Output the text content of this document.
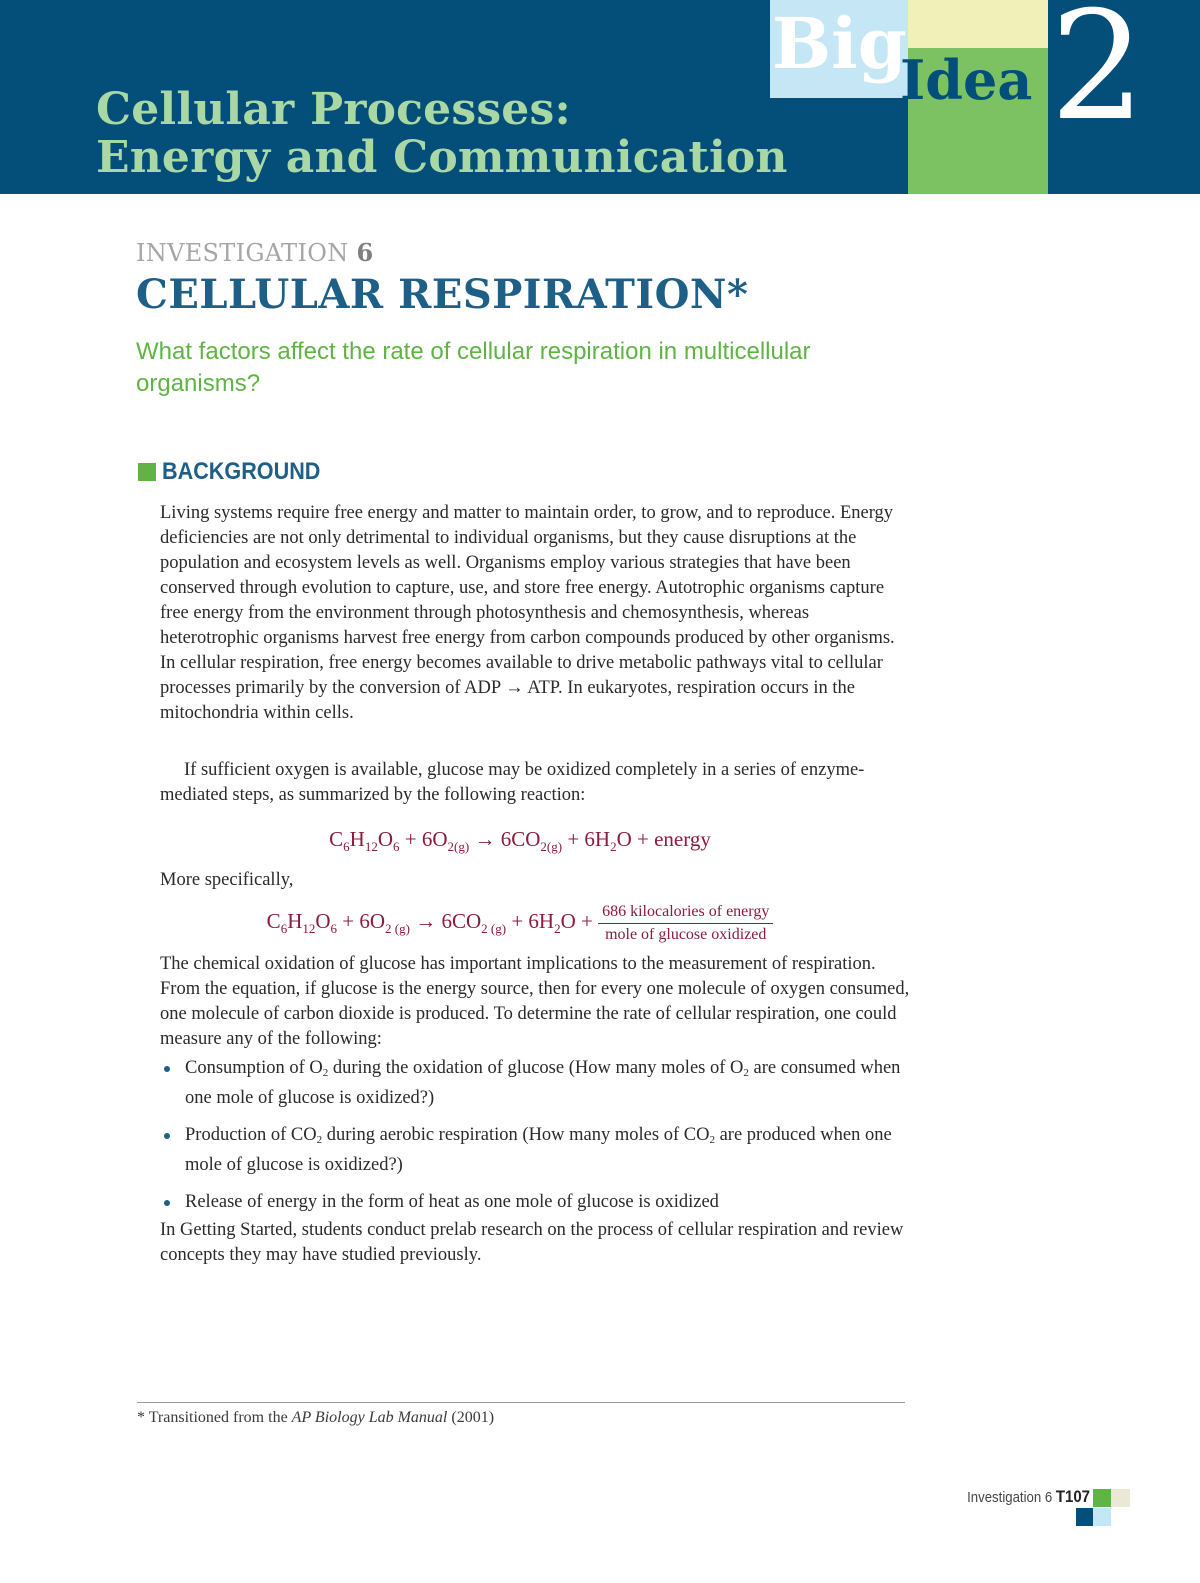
Cellular Processes:
Energy and Communication
Big
Idea 2
INVESTIGATION 6
CELLULAR RESPIRATION*
What factors affect the rate of cellular respiration in multicellular organisms?
BACKGROUND

Living systems require free energy and matter to maintain order, to grow, and to reproduce. Energy deficiencies are not only detrimental to individual organisms, but they cause disruptions at the population and ecosystem levels as well. Organisms employ various strategies that have been conserved through evolution to capture, use, and store free energy. Autotrophic organisms capture free energy from the environment through photosynthesis and chemosynthesis, whereas heterotrophic organisms harvest free energy from carbon compounds produced by other organisms. In cellular respiration, free energy becomes available to drive metabolic pathways vital to cellular processes primarily by the conversion of ADP → ATP. In eukaryotes, respiration occurs in the mitochondria within cells.

If sufficient oxygen is available, glucose may be oxidized completely in a series of enzyme-mediated steps, as summarized by the following reaction:

$C_6H_{12}O_6 + 6O_{2(g)} \to 6CO_{2(g)} + 6H_2O$ + energy

More specifically,

$C_6H_{12}O_6 + 6O_{2 (g)} \to 6CO_{2 (g)} + 6H_2O + \frac{\text{686 kilocalories of energy}}{\text{mole of glucose oxidized}}$

The chemical oxidation of glucose has important implications to the measurement of respiration. From the equation, if glucose is the energy source, then for every one molecule of oxygen consumed, one molecule of carbon dioxide is produced. To determine the rate of cellular respiration, one could measure any of the following:

Consumption of $O_2$ during the oxidation of glucose (How many moles of $O_2$ are consumed when one mole of glucose is oxidized?)
Production of $CO_2$ during aerobic respiration (How many moles of $CO_2$ are produced when one mole of glucose is oxidized?)
Release of energy in the form of heat as one mole of glucose is oxidized

In Getting Started, students conduct prelab research on the process of cellular respiration and review concepts they may have studied previously.

* Transitioned from the AP Biology Lab Manual (2001)
Investigation 6 T107
